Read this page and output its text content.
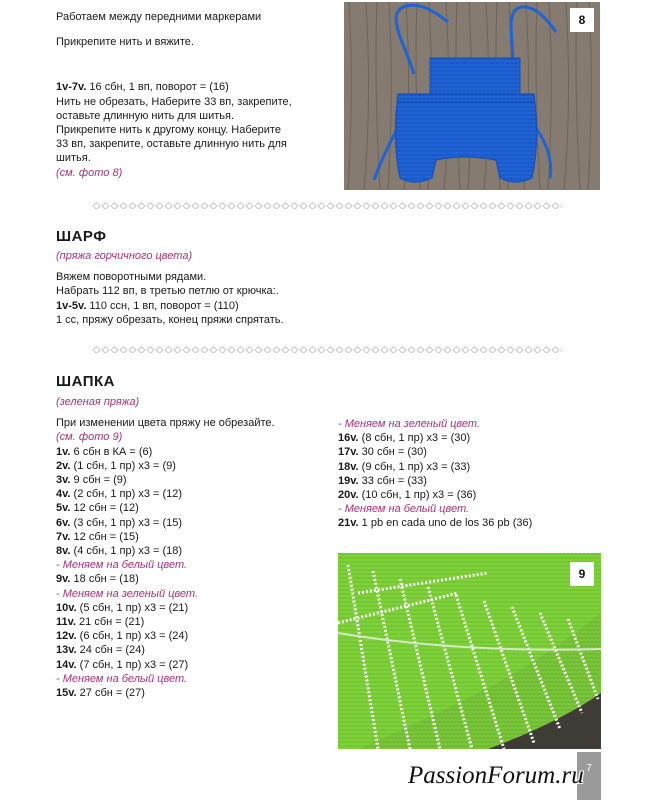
Работаем между передними маркерами
Прикрепите нить и вяжите.
1v-7v. 16 сбн, 1 вп, поворот = (16)
Нить не обрезать, Наберите 33 вп, закрепите,
оставьте длинную нить для шитья.
Прикрепите нить к другому концу. Наберите
33 вп, закрепите, оставьте длинную нить для
шитья.
(см. фото 8)
8
ШАРФ
(пряжа горчичного цвета)
Вяжем поворотными рядами.
Набрать 112 вп, в третью петлю от крючка:.
1v-5v. 110 ссн, 1 вп, поворот = (110)
1 сс, пряжу обрезать, конец пряжи спрятать.
ШАПКА
(зеленая пряжа)
При изменении цвета пряжу не обрезайте.
(см. фото 9)
1v. 6 сбн в КА = (6)
2v. (1 сбн, 1 пр) x3 = (9)
3v. 9 сбн = (9)
4v. (2 сбн, 1 пр) x3 = (12)
5v. 12 сбн = (12)
6v. (3 сбн, 1 пр) x3 = (15)
7v. 12 сбн = (15)
8v. (4 сбн, 1 пр) x3 = (18)
- Меняем на белый цвет.
9v. 18 сбн = (18)
- Меняем на зеленый цвет.
10v. (5 сбн, 1 пр) x3 = (21)
11v. 21 сбн = (21)
12v. (6 сбн, 1 пр) x3 = (24)
13v. 24 сбн = (24)
14v. (7 сбн, 1 пр) x3 = (27)
- Меняем на белый цвет.
15v. 27 сбн = (27)
- Меняем на зеленый цвет.
16v. (8 сбн, 1 пр) x3 = (30)
17v. 30 сбн = (30)
18v. (9 сбн, 1 пр) x3 = (33)
19v. 33 сбн = (33)
20v. (10 сбн, 1 пр) x3 = (36)
- Меняем на белый цвет.
21v. 1 pb en cada uno de los 36 pb (36)
9
7
PassionForum.ru
